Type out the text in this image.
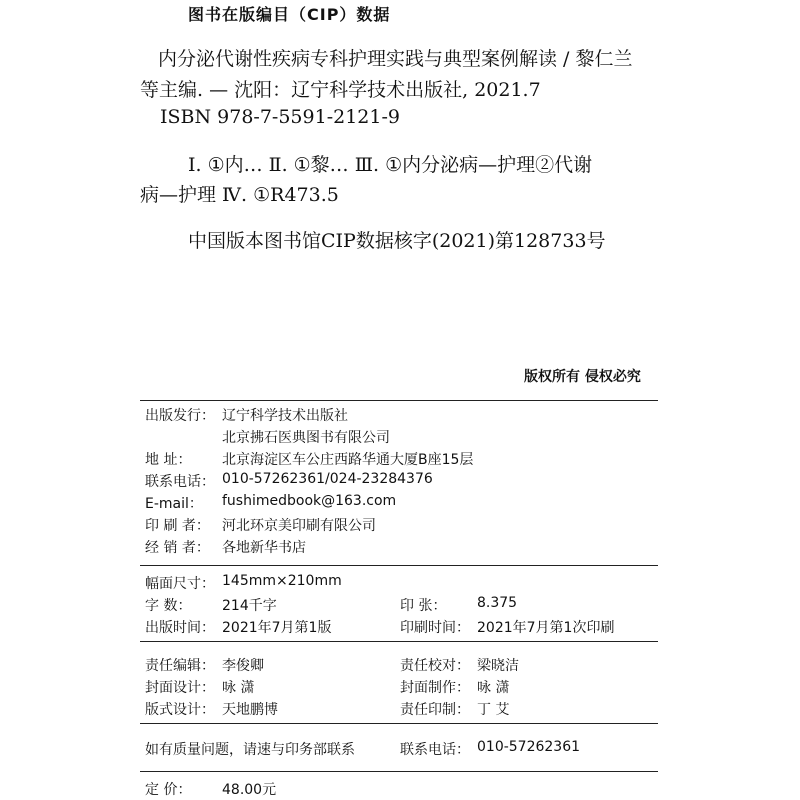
图书在版编目（CIP）数据
内分泌代谢性疾病专科护理实践与典型案例解读 / 黎仁兰
等主编. — 沈阳：辽宁科学技术出版社, 2021.7
ISBN 978-7-5591-2121-9
Ⅰ. ①内… Ⅱ. ①黎… Ⅲ. ①内分泌病—护理②代谢
病—护理 Ⅳ. ①R473.5
中国版本图书馆CIP数据核字(2021)第128733号
版权所有 侵权必究
出版发行： 辽宁科学技术出版社
北京拂石医典图书有限公司
地 址： 北京海淀区车公庄西路华通大厦B座15层
联系电话： 010-57262361/024-23284376
E-mail： fushimedbook@163.com
印 刷 者： 河北环京美印刷有限公司
经 销 者： 各地新华书店
幅面尺寸： 145mm×210mm
字 数： 214千字	印 张： 8.375
出版时间： 2021年7月第1版	印刷时间： 2021年7月第1次印刷
责任编辑： 李俊卿	责任校对： 梁晓洁
封面设计： 咏 潇	封面制作： 咏 潇
版式设计： 天地鹏博	责任印制： 丁 艾
如有质量问题，请速与印务部联系	联系电话： 010-57262361
定 价： 48.00元
